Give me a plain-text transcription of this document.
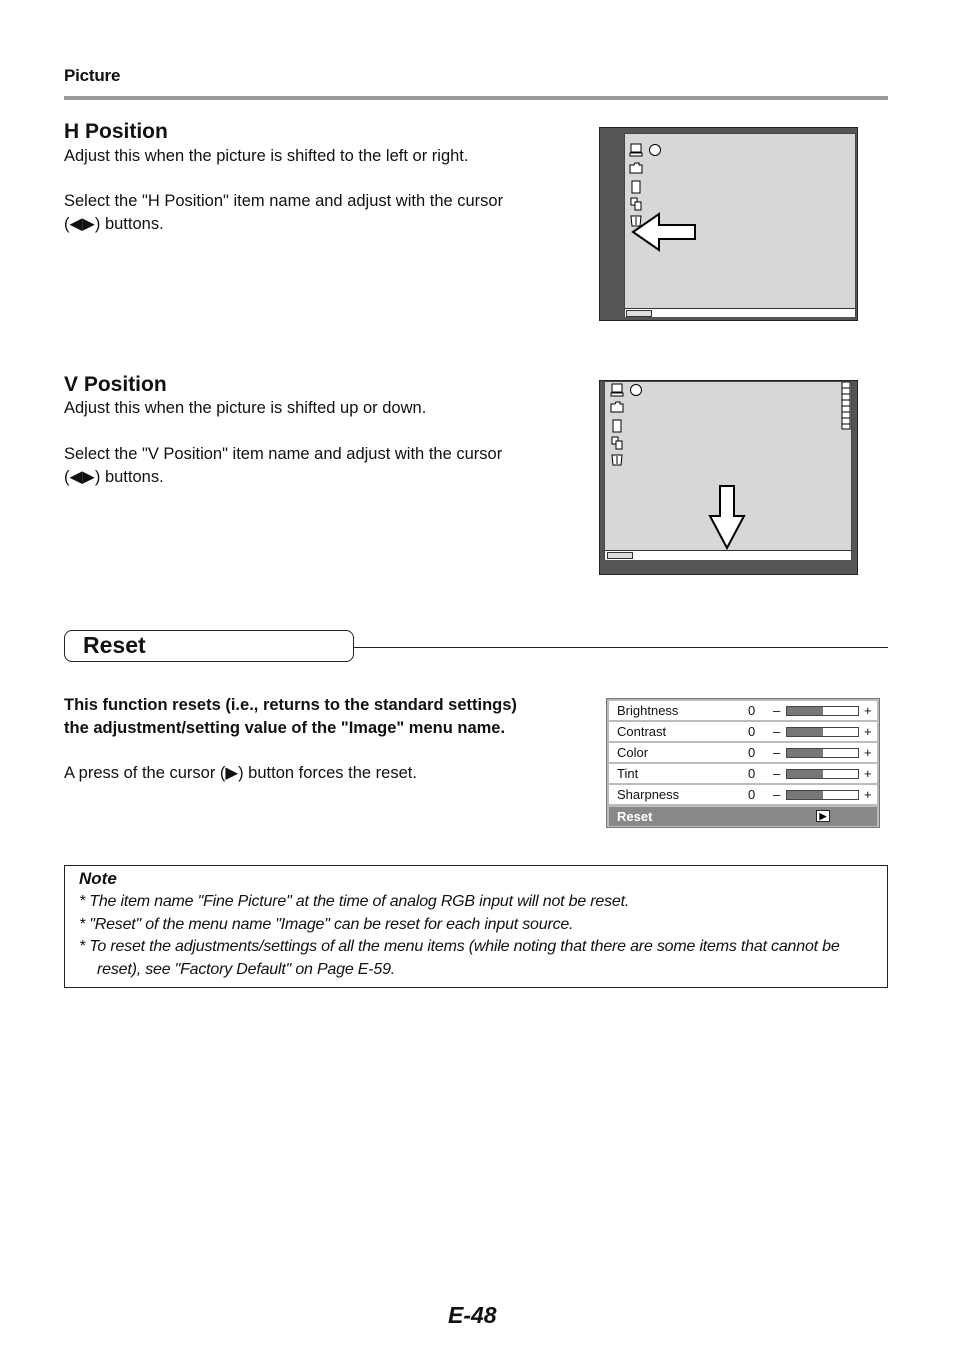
Picture
H Position
Adjust this when the picture is shifted to the left or right.
Select the "H Position" item name and adjust with the cursor
(◀▶) buttons.
V Position
Adjust this when the picture is shifted up or down.
Select the "V Position" item name and adjust with the cursor
(◀▶) buttons.
Reset
This function resets (i.e., returns to the standard settings)
the adjustment/setting value of the "Image" menu name.
A press of the cursor (▶) button forces the reset.
Brightness	0 –	+
Contrast	0 –	+
Color	0 –	+
Tint	0 –	+
Sharpness	0 –	+
Reset	▶
Note
* The item name "Fine Picture" at the time of analog RGB input will not be reset.
* "Reset" of the menu name "Image" can be reset for each input source.
* To reset the adjustments/settings of all the menu items (while noting that there are some items that cannot be
reset), see "Factory Default" on Page E-59.
E-48
